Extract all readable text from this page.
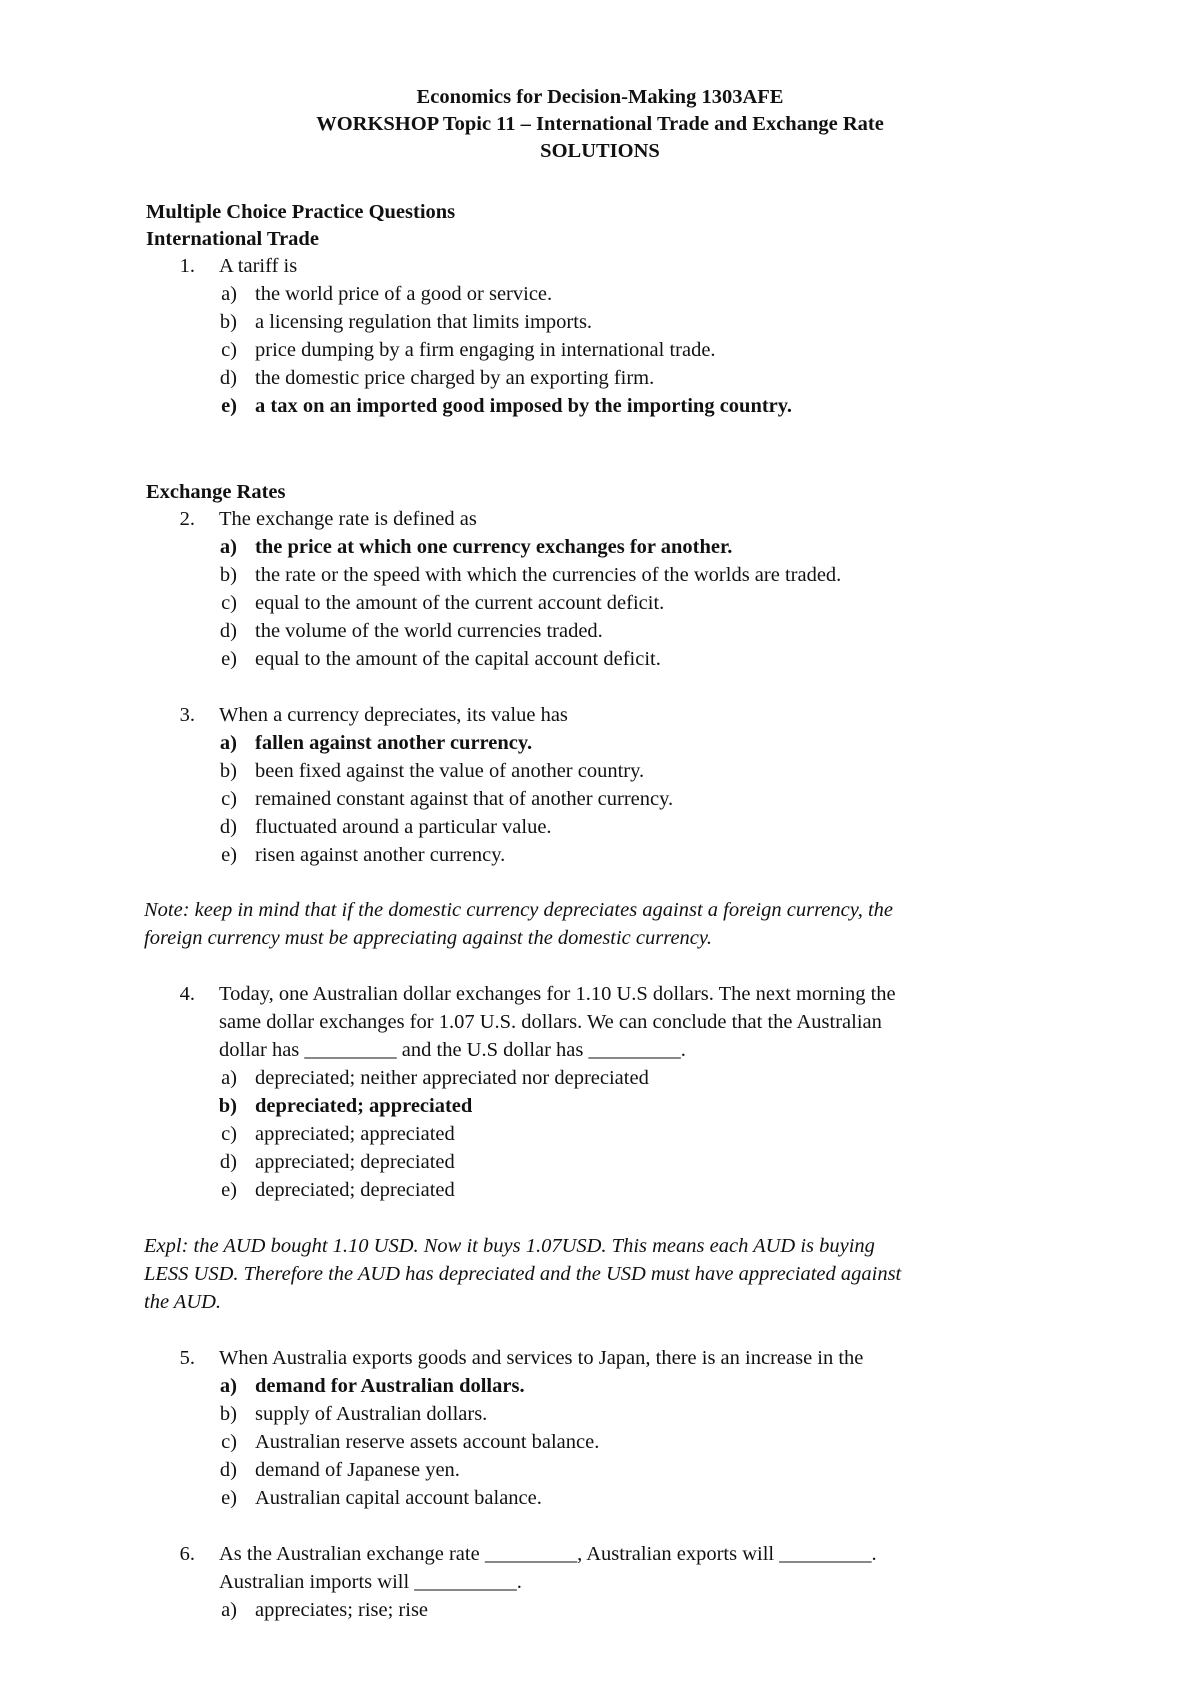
Economics for Decision-Making 1303AFE
WORKSHOP Topic 11 – International Trade and Exchange Rate
SOLUTIONS
Multiple Choice Practice Questions
International Trade
1. A tariff is
a) the world price of a good or service.
b) a licensing regulation that limits imports.
c) price dumping by a firm engaging in international trade.
d) the domestic price charged by an exporting firm.
e) a tax on an imported good imposed by the importing country.
Exchange Rates
2. The exchange rate is defined as
a) the price at which one currency exchanges for another.
b) the rate or the speed with which the currencies of the worlds are traded.
c) equal to the amount of the current account deficit.
d) the volume of the world currencies traded.
e) equal to the amount of the capital account deficit.
3. When a currency depreciates, its value has
a) fallen against another currency.
b) been fixed against the value of another country.
c) remained constant against that of another currency.
d) fluctuated around a particular value.
e) risen against another currency.
Note: keep in mind that if the domestic currency depreciates against a foreign currency, the
foreign currency must be appreciating against the domestic currency.
4. Today, one Australian dollar exchanges for 1.10 U.S dollars. The next morning the
same dollar exchanges for 1.07 U.S. dollars. We can conclude that the Australian
dollar has _________ and the U.S dollar has _________.
a) depreciated; neither appreciated nor depreciated
b) depreciated; appreciated
c) appreciated; appreciated
d) appreciated; depreciated
e) depreciated; depreciated
Expl: the AUD bought 1.10 USD. Now it buys 1.07USD. This means each AUD is buying
LESS USD. Therefore the AUD has depreciated and the USD must have appreciated against
the AUD.
5. When Australia exports goods and services to Japan, there is an increase in the
a) demand for Australian dollars.
b) supply of Australian dollars.
c) Australian reserve assets account balance.
d) demand of Japanese yen.
e) Australian capital account balance.
6. As the Australian exchange rate _________, Australian exports will _________.
Australian imports will __________.
a) appreciates; rise; rise
